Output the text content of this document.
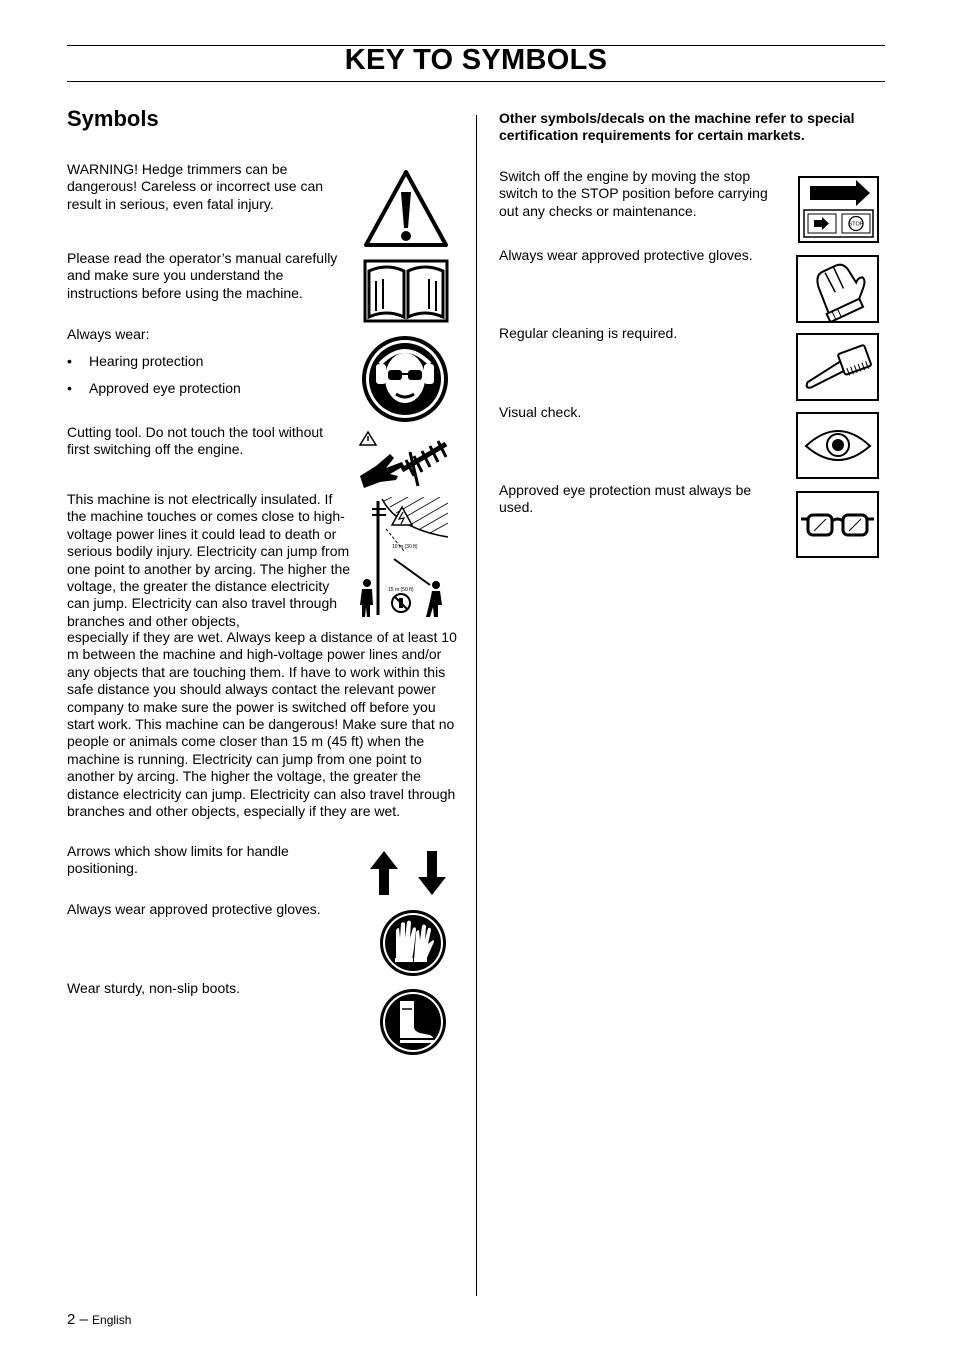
KEY TO SYMBOLS
Symbols
WARNING! Hedge trimmers can be dangerous! Careless or incorrect use can result in serious, even fatal injury.
Please read the operator’s manual carefully and make sure you understand the instructions before using the machine.
Always wear:
• Hearing protection
• Approved eye protection
Cutting tool. Do not touch the tool without first switching off the engine.
This machine is not electrically insulated. If the machine touches or comes close to high-voltage power lines it could lead to death or serious bodily injury. Electricity can jump from one point to another by arcing. The higher the voltage, the greater the distance electricity can jump. Electricity can also travel through branches and other objects,
10 m (30 ft)
15 m (50 ft)
especially if they are wet. Always keep a distance of at least 10 m between the machine and high-voltage power lines and/or any objects that are touching them. If have to work within this safe distance you should always contact the relevant power company to make sure the power is switched off before you start work. This machine can be dangerous! Make sure that no people or animals come closer than 15 m (45 ft) when the machine is running. Electricity can jump from one point to another by arcing. The higher the voltage, the greater the distance electricity can jump. Electricity can also travel through branches and other objects, especially if they are wet.
Arrows which show limits for handle positioning.
Always wear approved protective gloves.
Wear sturdy, non-slip boots.
Other symbols/decals on the machine refer to special certification requirements for certain markets.
Switch off the engine by moving the stop switch to the STOP position before carrying out any checks or maintenance.
STOP
Always wear approved protective gloves.
Regular cleaning is required.
Visual check.
Approved eye protection must always be used.
2 – English
